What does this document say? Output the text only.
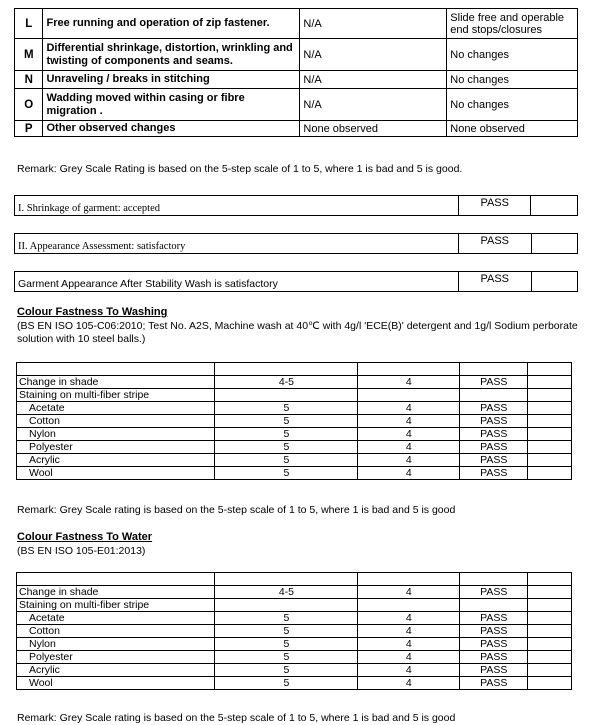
L	Free running and operation of zip fastener.	N/A	Slide free and operable end stops/closures
M	Differential shrinkage, distortion, wrinkling and twisting of components and seams.	N/A	No changes
N	Unraveling / breaks in stitching	N/A	No changes
O	Wadding moved within casing or fibre migration .	N/A	No changes
P	Other observed changes	None observed	None observed
Remark: Grey Scale Rating is based on the 5-step scale of 1 to 5, where 1 is bad and 5 is good.
I. Shrinkage of garment: accepted	PASS	
II. Appearance Assessment: satisfactory	PASS	
Garment Appearance After Stability Wash is satisfactory	PASS	
Colour Fastness To Washing
(BS EN ISO 105-C06:2010; Test No. A2S, Machine wash at 40℃ with 4g/l 'ECE(B)' detergent and 1g/l Sodium perborate solution with 10 steel balls.)

Change in shade	4-5	4	PASS	
Staining on multi-fiber stripe				
Acetate	5	4	PASS	
Cotton	5	4	PASS	
Nylon	5	4	PASS	
Polyester	5	4	PASS	
Acrylic	5	4	PASS	
Wool	5	4	PASS	
Remark: Grey Scale rating is based on the 5-step scale of 1 to 5, where 1 is bad and 5 is good
Colour Fastness To Water
(BS EN ISO 105-E01:2013)

Change in shade	4-5	4	PASS	
Staining on multi-fiber stripe				
Acetate	5	4	PASS	
Cotton	5	4	PASS	
Nylon	5	4	PASS	
Polyester	5	4	PASS	
Acrylic	5	4	PASS	
Wool	5	4	PASS	
Remark: Grey Scale rating is based on the 5-step scale of 1 to 5, where 1 is bad and 5 is good
